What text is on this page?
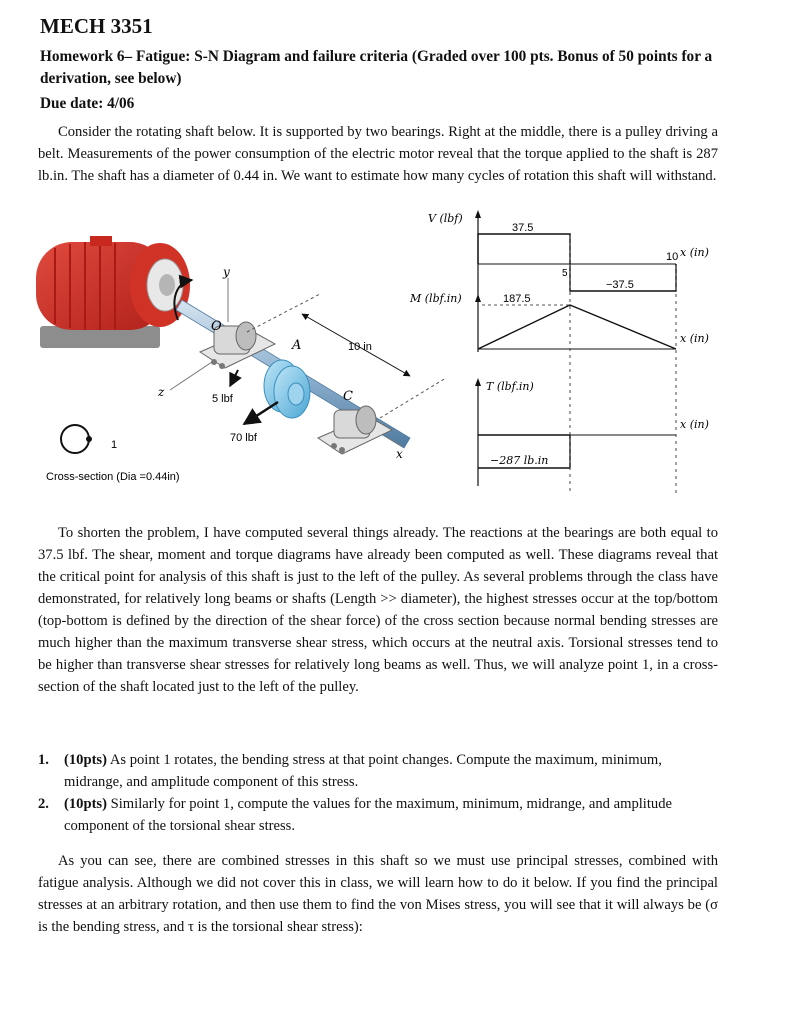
MECH 3351
Homework 6– Fatigue: S-N Diagram and failure criteria (Graded over 100 pts. Bonus of 50 points for a derivation, see below)
Due date: 4/06
Consider the rotating shaft below. It is supported by two bearings. Right at the middle, there is a pulley driving a belt. Measurements of the power consumption of the electric motor reveal that the torque applied to the shaft is 287 lb.in. The shaft has a diameter of 0.44 in. We want to estimate how many cycles of rotation this shaft will withstand.
y
z
x
O
A
C
10 in
5 lbf
70 lbf
1
Cross-section (Dia =0.44in)
V (lbf)
37.5
5
−37.5
10 x (in)
M (lbf.in)	187.5
x (in)
T (lbf.in)
−287 lb.in
x (in)
To shorten the problem, I have computed several things already. The reactions at the bearings are both equal to 37.5 lbf. The shear, moment and torque diagrams have already been computed as well. These diagrams reveal that the critical point for analysis of this shaft is just to the left of the pulley. As several problems through the class have demonstrated, for relatively long beams or shafts (Length >> diameter), the highest stresses occur at the top/bottom (top-bottom is defined by the direction of the shear force) of the cross section because normal bending stresses are much higher than the maximum transverse shear stress, which occurs at the neutral axis. Torsional stresses tend to be higher than transverse shear stresses for relatively long beams as well. Thus, we will analyze point 1, in a cross-section of the shaft located just to the left of the pulley.
1. (10pts) As point 1 rotates, the bending stress at that point changes. Compute the maximum, minimum, midrange, and amplitude component of this stress.
2. (10pts) Similarly for point 1, compute the values for the maximum, minimum, midrange, and amplitude component of the torsional shear stress.
As you can see, there are combined stresses in this shaft so we must use principal stresses, combined with fatigue analysis. Although we did not cover this in class, we will learn how to do it below. If you find the principal stresses at an arbitrary rotation, and then use them to find the von Mises stress, you will see that it will always be (σ is the bending stress, and τ is the torsional shear stress):
